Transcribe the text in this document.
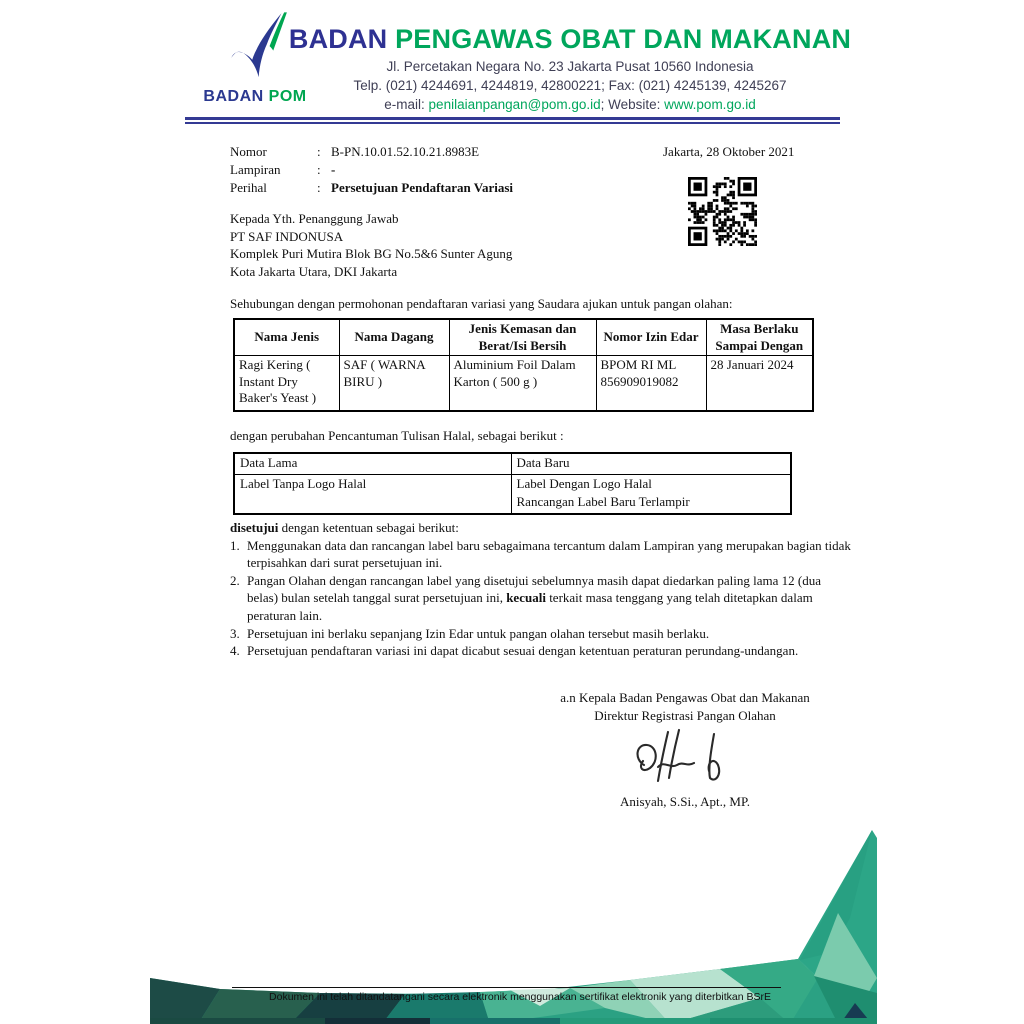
BADAN POM
BADAN PENGAWAS OBAT DAN MAKANAN
Jl. Percetakan Negara No. 23 Jakarta Pusat 10560 Indonesia
Telp. (021) 4244691, 4244819, 42800221; Fax: (021) 4245139, 4245267
e-mail: penilaianpangan@pom.go.id; Website: www.pom.go.id
Nomor	: B-PN.10.01.52.10.21.8983E
Lampiran	: -
Perihal	: Persetujuan Pendaftaran Variasi
Jakarta, 28 Oktober 2021
Kepada Yth. Penanggung Jawab
PT SAF INDONUSA
Komplek Puri Mutira Blok BG No.5&6 Sunter Agung
Kota Jakarta Utara, DKI Jakarta
Sehubungan dengan permohonan pendaftaran variasi yang Saudara ajukan untuk pangan olahan:
Nama Jenis	Nama Dagang	Jenis Kemasan dan Berat/Isi Bersih	Nomor Izin Edar	Masa Berlaku Sampai Dengan
Ragi Kering ( Instant Dry Baker's Yeast )	SAF ( WARNA BIRU )	Aluminium Foil Dalam Karton ( 500 g )	BPOM RI ML 856909019082	28 Januari 2024
dengan perubahan Pencantuman Tulisan Halal, sebagai berikut :
Data Lama	Data Baru
Label Tanpa Logo Halal	Label Dengan Logo Halal
Rancangan Label Baru Terlampir
disetujui dengan ketentuan sebagai berikut:
1. Menggunakan data dan rancangan label baru sebagaimana tercantum dalam Lampiran yang merupakan bagian tidak terpisahkan dari surat persetujuan ini.
2. Pangan Olahan dengan rancangan label yang disetujui sebelumnya masih dapat diedarkan paling lama 12 (dua belas) bulan setelah tanggal surat persetujuan ini, kecuali terkait masa tenggang yang telah ditetapkan dalam peraturan lain.
3. Persetujuan ini berlaku sepanjang Izin Edar untuk pangan olahan tersebut masih berlaku.
4. Persetujuan pendaftaran variasi ini dapat dicabut sesuai dengan ketentuan peraturan perundang-undangan.
a.n Kepala Badan Pengawas Obat dan Makanan
Direktur Registrasi Pangan Olahan
Anisyah, S.Si., Apt., MP.
Dokumen ini telah ditandatangani secara elektronik menggunakan sertifikat elektronik yang diterbitkan BSrE
